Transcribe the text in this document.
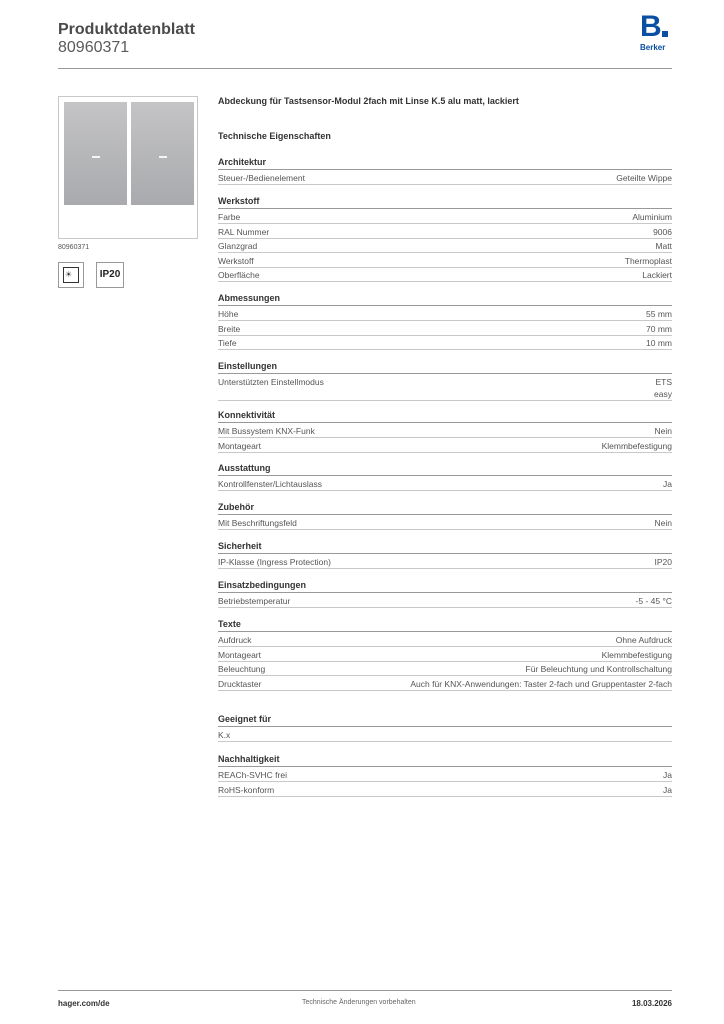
Produktdatenblatt
80960371
B
Berker
80960371
☀	IP20
Abdeckung für Tastsensor-Modul 2fach mit Linse K.5 alu matt, lackiert
Technische Eigenschaften
Architektur
Steuer-/Bedienelement	Geteilte Wippe
Werkstoff
Farbe	Aluminium
RAL Nummer	9006
Glanzgrad	Matt
Werkstoff	Thermoplast
Oberfläche	Lackiert
Abmessungen
Höhe	55 mm
Breite	70 mm
Tiefe	10 mm
Einstellungen
Unterstützten Einstellmodus	ETS
easy
Konnektivität
Mit Bussystem KNX-Funk	Nein
Montageart	Klemmbefestigung
Ausstattung
Kontrollfenster/Lichtauslass	Ja
Zubehör
Mit Beschriftungsfeld	Nein
Sicherheit
IP-Klasse (Ingress Protection)	IP20
Einsatzbedingungen
Betriebstemperatur	-5 - 45 °C
Texte
Aufdruck	Ohne Aufdruck
Montageart	Klemmbefestigung
Beleuchtung	Für Beleuchtung und Kontrollschaltung
Drucktaster	Auch für KNX-Anwendungen: Taster 2-fach und Gruppentaster 2-fach
Geeignet für
K.x
Nachhaltigkeit
REACh-SVHC frei	Ja
RoHS-konform	Ja
hager.com/de	Technische Änderungen vorbehalten	18.03.2026
